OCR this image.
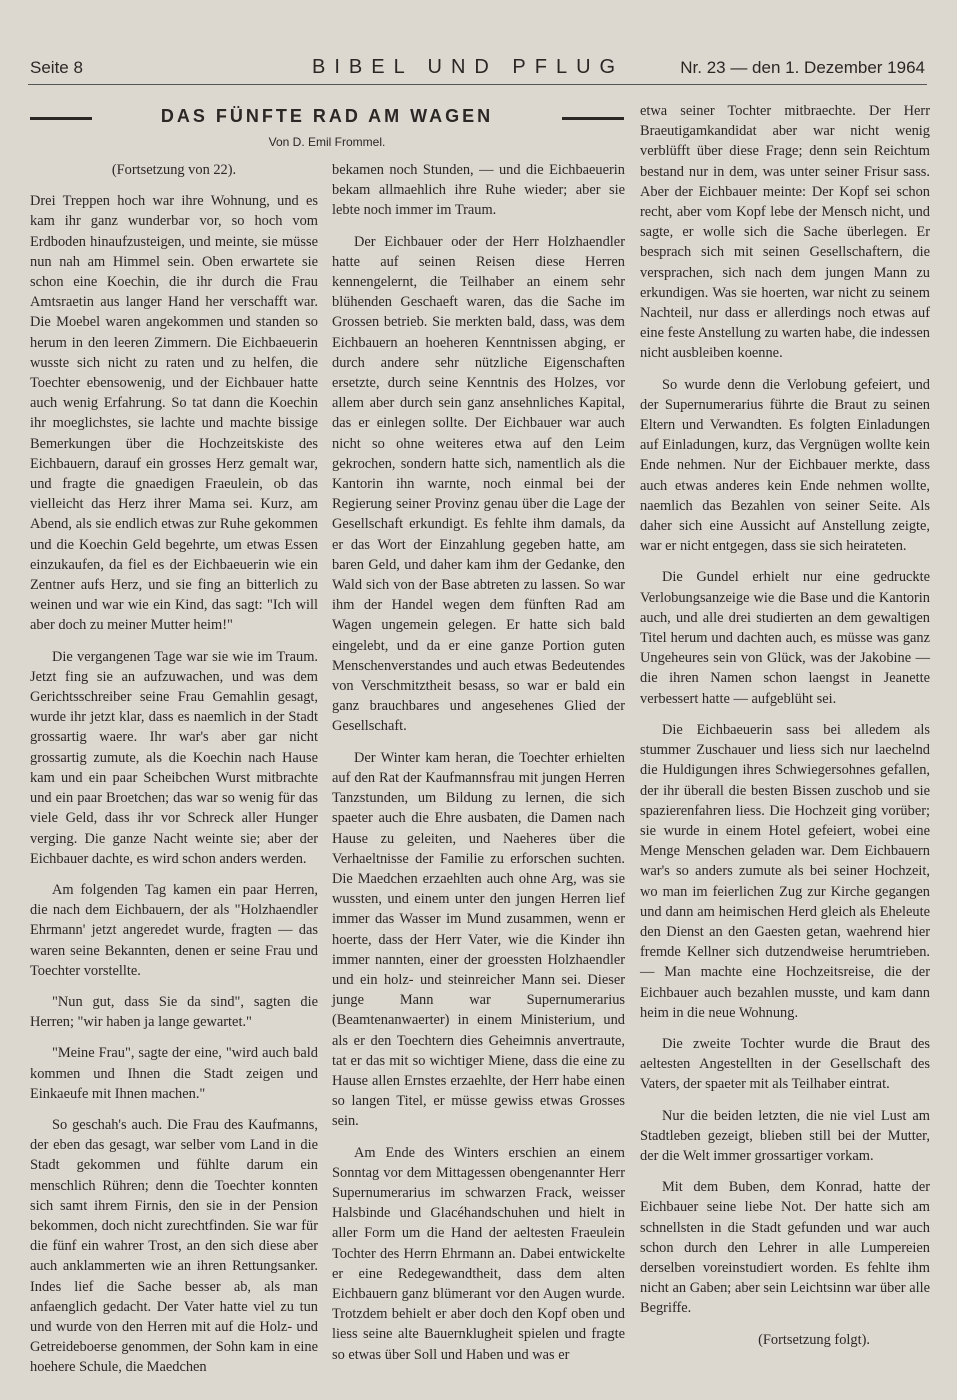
Seite 8	BIBEL UND PFLUG	Nr. 23 — den 1. Dezember 1964
DAS FÜNFTE RAD AM WAGEN
Von D. Emil Frommel.

(Fortsetzung von 22).

Drei Treppen hoch war ihre Wohnung, und es kam ihr ganz wunderbar vor, so hoch vom Erdboden hinaufzusteigen, und meinte, sie müsse nun nah am Himmel sein. Oben erwartete sie schon eine Koechin, die ihr durch die Frau Amtsraetin aus langer Hand her verschafft war. Die Moebel waren angekommen und standen so herum in den leeren Zimmern. Die Eichbaeuerin wusste sich nicht zu raten und zu helfen, die Toechter ebensowenig, und der Eichbauer hatte auch wenig Erfahrung. So tat dann die Koechin ihr moeglichstes, sie lachte und machte bissige Bemerkungen über die Hochzeitskiste des Eichbauern, darauf ein grosses Herz gemalt war, und fragte die gnaedigen Fraeulein, ob das vielleicht das Herz ihrer Mama sei. Kurz, am Abend, als sie endlich etwas zur Ruhe gekommen und die Koechin Geld begehrte, um etwas Essen einzukaufen, da fiel es der Eichbaeuerin wie ein Zentner aufs Herz, und sie fing an bitterlich zu weinen und war wie ein Kind, das sagt: "Ich will aber doch zu meiner Mutter heim!"

Die vergangenen Tage war sie wie im Traum. Jetzt fing sie an aufzuwachen, und was dem Gerichtsschreiber seine Frau Gemahlin gesagt, wurde ihr jetzt klar, dass es naemlich in der Stadt grossartig waere. Ihr war's aber gar nicht grossartig zumute, als die Koechin nach Hause kam und ein paar Scheibchen Wurst mitbrachte und ein paar Broetchen; das war so wenig für das viele Geld, dass ihr vor Schreck aller Hunger verging. Die ganze Nacht weinte sie; aber der Eichbauer dachte, es wird schon anders werden.

Am folgenden Tag kamen ein paar Herren, die nach dem Eichbauern, der als "Holzhaendler Ehrmann' jetzt angeredet wurde, fragten — das waren seine Bekannten, denen er seine Frau und Toechter vorstellte.

"Nun gut, dass Sie da sind", sagten die Herren; "wir haben ja lange gewartet."

"Meine Frau", sagte der eine, "wird auch bald kommen und Ihnen die Stadt zeigen und Einkaeufe mit Ihnen machen."

So geschah's auch. Die Frau des Kaufmanns, der eben das gesagt, war selber vom Land in die Stadt gekommen und fühlte darum ein menschlich Rühren; denn die Toechter konnten sich samt ihrem Firnis, den sie in der Pension bekommen, doch nicht zurechtfinden. Sie war für die fünf ein wahrer Trost, an den sich diese aber auch anklammerten wie an ihren Rettungsanker. Indes lief die Sache besser ab, als man anfaenglich gedacht. Der Vater hatte viel zu tun und wurde von den Herren mit auf die Holz- und Getreideboerse genommen, der Sohn kam in eine hoehere Schule, die Maedchen

bekamen noch Stunden, — und die Eichbaeuerin bekam allmaehlich ihre Ruhe wieder; aber sie lebte noch immer im Traum.

Der Eichbauer oder der Herr Holzhaendler hatte auf seinen Reisen diese Herren kennengelernt, die Teilhaber an einem sehr blühenden Geschaeft waren, das die Sache im Grossen betrieb. Sie merkten bald, dass, was dem Eichbauern an hoeheren Kenntnissen abging, er durch andere sehr nützliche Eigenschaften ersetzte, durch seine Kenntnis des Holzes, vor allem aber durch sein ganz ansehnliches Kapital, das er einlegen sollte. Der Eichbauer war auch nicht so ohne weiteres etwa auf den Leim gekrochen, sondern hatte sich, namentlich als die Kantorin ihn warnte, noch einmal bei der Regierung seiner Provinz genau über die Lage der Gesellschaft erkundigt. Es fehlte ihm damals, da er das Wort der Einzahlung gegeben hatte, am baren Geld, und daher kam ihm der Gedanke, den Wald sich von der Base abtreten zu lassen. So war ihm der Handel wegen dem fünften Rad am Wagen ungemein gelegen. Er hatte sich bald eingelebt, und da er eine ganze Portion guten Menschenverstandes und auch etwas Bedeutendes von Verschmitztheit besass, so war er bald ein ganz brauchbares und angesehenes Glied der Gesellschaft.

Der Winter kam heran, die Toechter erhielten auf den Rat der Kaufmannsfrau mit jungen Herren Tanzstunden, um Bildung zu lernen, die sich spaeter auch die Ehre ausbaten, die Damen nach Hause zu geleiten, und Naeheres über die Verhaeltnisse der Familie zu erforschen suchten. Die Maedchen erzaehlten auch ohne Arg, was sie wussten, und einem unter den jungen Herren lief immer das Wasser im Mund zusammen, wenn er hoerte, dass der Herr Vater, wie die Kinder ihn immer nannten, einer der groessten Holzhaendler und ein holz- und steinreicher Mann sei. Dieser junge Mann war Supernumerarius (Beamtenanwaerter) in einem Ministerium, und als er den Toechtern dies Geheimnis anvertraute, tat er das mit so wichtiger Miene, dass die eine zu Hause allen Ernstes erzaehlte, der Herr habe einen so langen Titel, er müsse gewiss etwas Grosses sein.

Am Ende des Winters erschien an einem Sonntag vor dem Mittagessen obengenannter Herr Supernumerarius im schwarzen Frack, weisser Halsbinde und Glacéhandschuhen und hielt in aller Form um die Hand der aeltesten Fraeulein Tochter des Herrn Ehrmann an. Dabei entwickelte er eine Redegewandtheit, dass dem alten Eichbauern ganz blümerant vor den Augen wurde. Trotzdem behielt er aber doch den Kopf oben und liess seine alte Bauernklugheit spielen und fragte so etwas über Soll und Haben und was er

etwa seiner Tochter mitbraechte. Der Herr Braeutigamkandidat aber war nicht wenig verblüfft über diese Frage; denn sein Reichtum bestand nur in dem, was unter seiner Frisur sass. Aber der Eichbauer meinte: Der Kopf sei schon recht, aber vom Kopf lebe der Mensch nicht, und sagte, er wolle sich die Sache überlegen. Er besprach sich mit seinen Gesellschaftern, die versprachen, sich nach dem jungen Mann zu erkundigen. Was sie hoerten, war nicht zu seinem Nachteil, nur dass er allerdings noch etwas auf eine feste Anstellung zu warten habe, die indessen nicht ausbleiben koenne.

So wurde denn die Verlobung gefeiert, und der Supernumerarius führte die Braut zu seinen Eltern und Verwandten. Es folgten Einladungen auf Einladungen, kurz, das Vergnügen wollte kein Ende nehmen. Nur der Eichbauer merkte, dass auch etwas anderes kein Ende nehmen wollte, naemlich das Bezahlen von seiner Seite. Als daher sich eine Aussicht auf Anstellung zeigte, war er nicht entgegen, dass sie sich heirateten.

Die Gundel erhielt nur eine gedruckte Verlobungsanzeige wie die Base und die Kantorin auch, und alle drei studierten an dem gewaltigen Titel herum und dachten auch, es müsse was ganz Ungeheures sein von Glück, was der Jakobine — die ihren Namen schon laengst in Jeanette verbessert hatte — aufgeblüht sei.

Die Eichbaeuerin sass bei alledem als stummer Zuschauer und liess sich nur laechelnd die Huldigungen ihres Schwiegersohnes gefallen, der ihr überall die besten Bissen zuschob und sie spazierenfahren liess. Die Hochzeit ging vorüber; sie wurde in einem Hotel gefeiert, wobei eine Menge Menschen geladen war. Dem Eichbauern war's so anders zumute als bei seiner Hochzeit, wo man im feierlichen Zug zur Kirche gegangen und dann am heimischen Herd gleich als Eheleute den Dienst an den Gaesten getan, waehrend hier fremde Kellner sich dutzendweise herumtrieben. — Man machte eine Hochzeitsreise, die der Eichbauer auch bezahlen musste, und kam dann heim in die neue Wohnung.

Die zweite Tochter wurde die Braut des aeltesten Angestellten in der Gesellschaft des Vaters, der spaeter mit als Teilhaber eintrat.

Nur die beiden letzten, die nie viel Lust am Stadtleben gezeigt, blieben still bei der Mutter, der die Welt immer grossartiger vorkam.

Mit dem Buben, dem Konrad, hatte der Eichbauer seine liebe Not. Der hatte sich am schnellsten in die Stadt gefunden und war auch schon durch den Lehrer in alle Lumpereien derselben voreinstudiert worden. Es fehlte ihm nicht an Gaben; aber sein Leichtsinn war über alle Begriffe.

(Fortsetzung folgt).
